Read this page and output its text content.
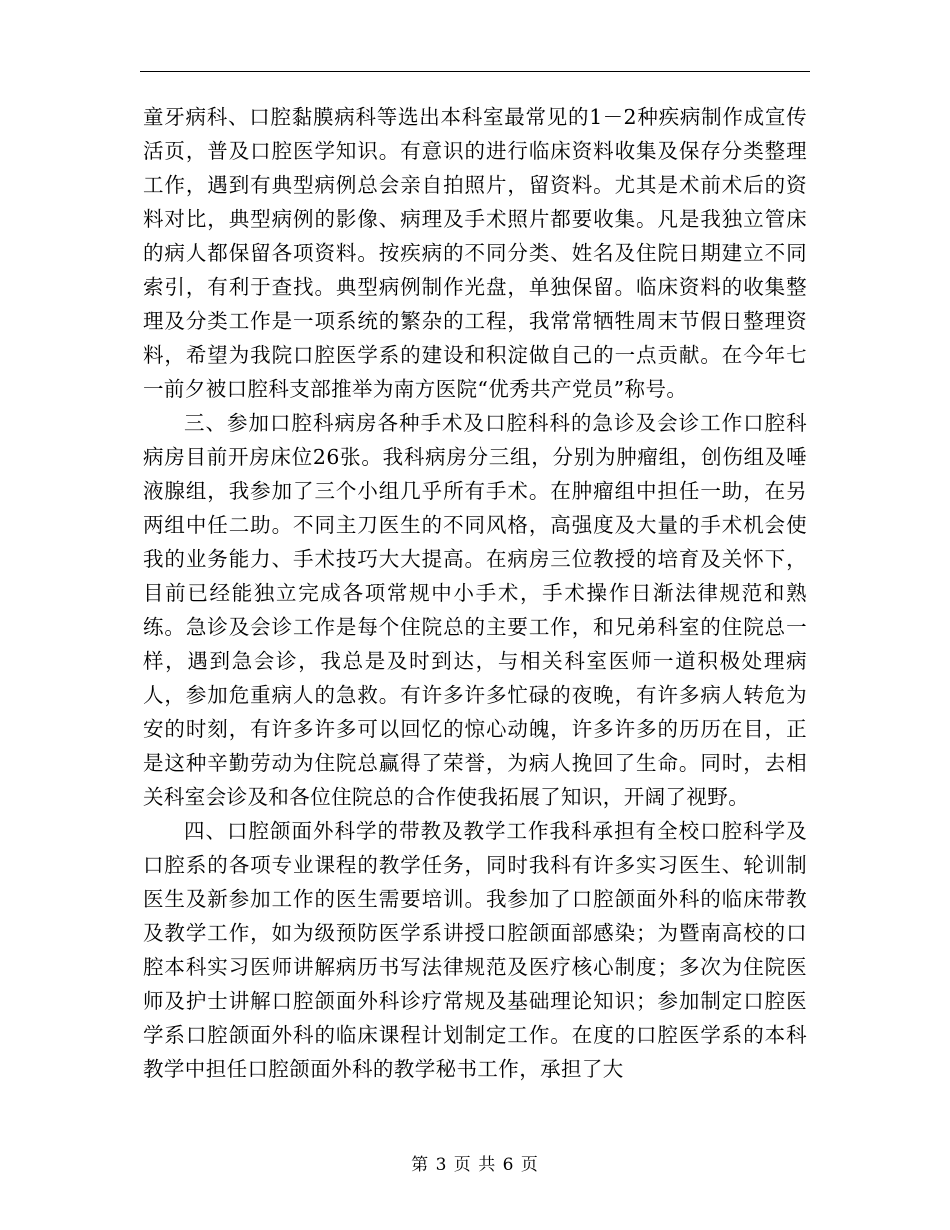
童牙病科、口腔黏膜病科等选出本科室最常见的1－2种疾病制作成宣传活页，普及口腔医学知识。有意识的进行临床资料收集及保存分类整理工作，遇到有典型病例总会亲自拍照片，留资料。尤其是术前术后的资料对比，典型病例的影像、病理及手术照片都要收集。凡是我独立管床的病人都保留各项资料。按疾病的不同分类、姓名及住院日期建立不同索引，有利于查找。典型病例制作光盘，单独保留。临床资料的收集整理及分类工作是一项系统的繁杂的工程，我常常牺牲周末节假日整理资料，希望为我院口腔医学系的建设和积淀做自己的一点贡献。在今年七一前夕被口腔科支部推举为南方医院“优秀共产党员”称号。

三、参加口腔科病房各种手术及口腔科科的急诊及会诊工作口腔科病房目前开房床位26张。我科病房分三组，分别为肿瘤组，创伤组及唾液腺组，我参加了三个小组几乎所有手术。在肿瘤组中担任一助，在另两组中任二助。不同主刀医生的不同风格，高强度及大量的手术机会使我的业务能力、手术技巧大大提高。在病房三位教授的培育及关怀下，目前已经能独立完成各项常规中小手术，手术操作日渐法律规范和熟练。急诊及会诊工作是每个住院总的主要工作，和兄弟科室的住院总一样，遇到急会诊，我总是及时到达，与相关科室医师一道积极处理病人，参加危重病人的急救。有许多许多忙碌的夜晚，有许多病人转危为安的时刻，有许多许多可以回忆的惊心动魄，许多许多的历历在目，正是这种辛勤劳动为住院总赢得了荣誉，为病人挽回了生命。同时，去相关科室会诊及和各位住院总的合作使我拓展了知识，开阔了视野。

四、口腔颌面外科学的带教及教学工作我科承担有全校口腔科学及口腔系的各项专业课程的教学任务，同时我科有许多实习医生、轮训制医生及新参加工作的医生需要培训。我参加了口腔颌面外科的临床带教及教学工作，如为级预防医学系讲授口腔颌面部感染；为暨南高校的口腔本科实习医师讲解病历书写法律规范及医疗核心制度；多次为住院医师及护士讲解口腔颌面外科诊疗常规及基础理论知识；参加制定口腔医学系口腔颌面外科的临床课程计划制定工作。在度的口腔医学系的本科教学中担任口腔颌面外科的教学秘书工作，承担了大

第 3 页 共 6 页
